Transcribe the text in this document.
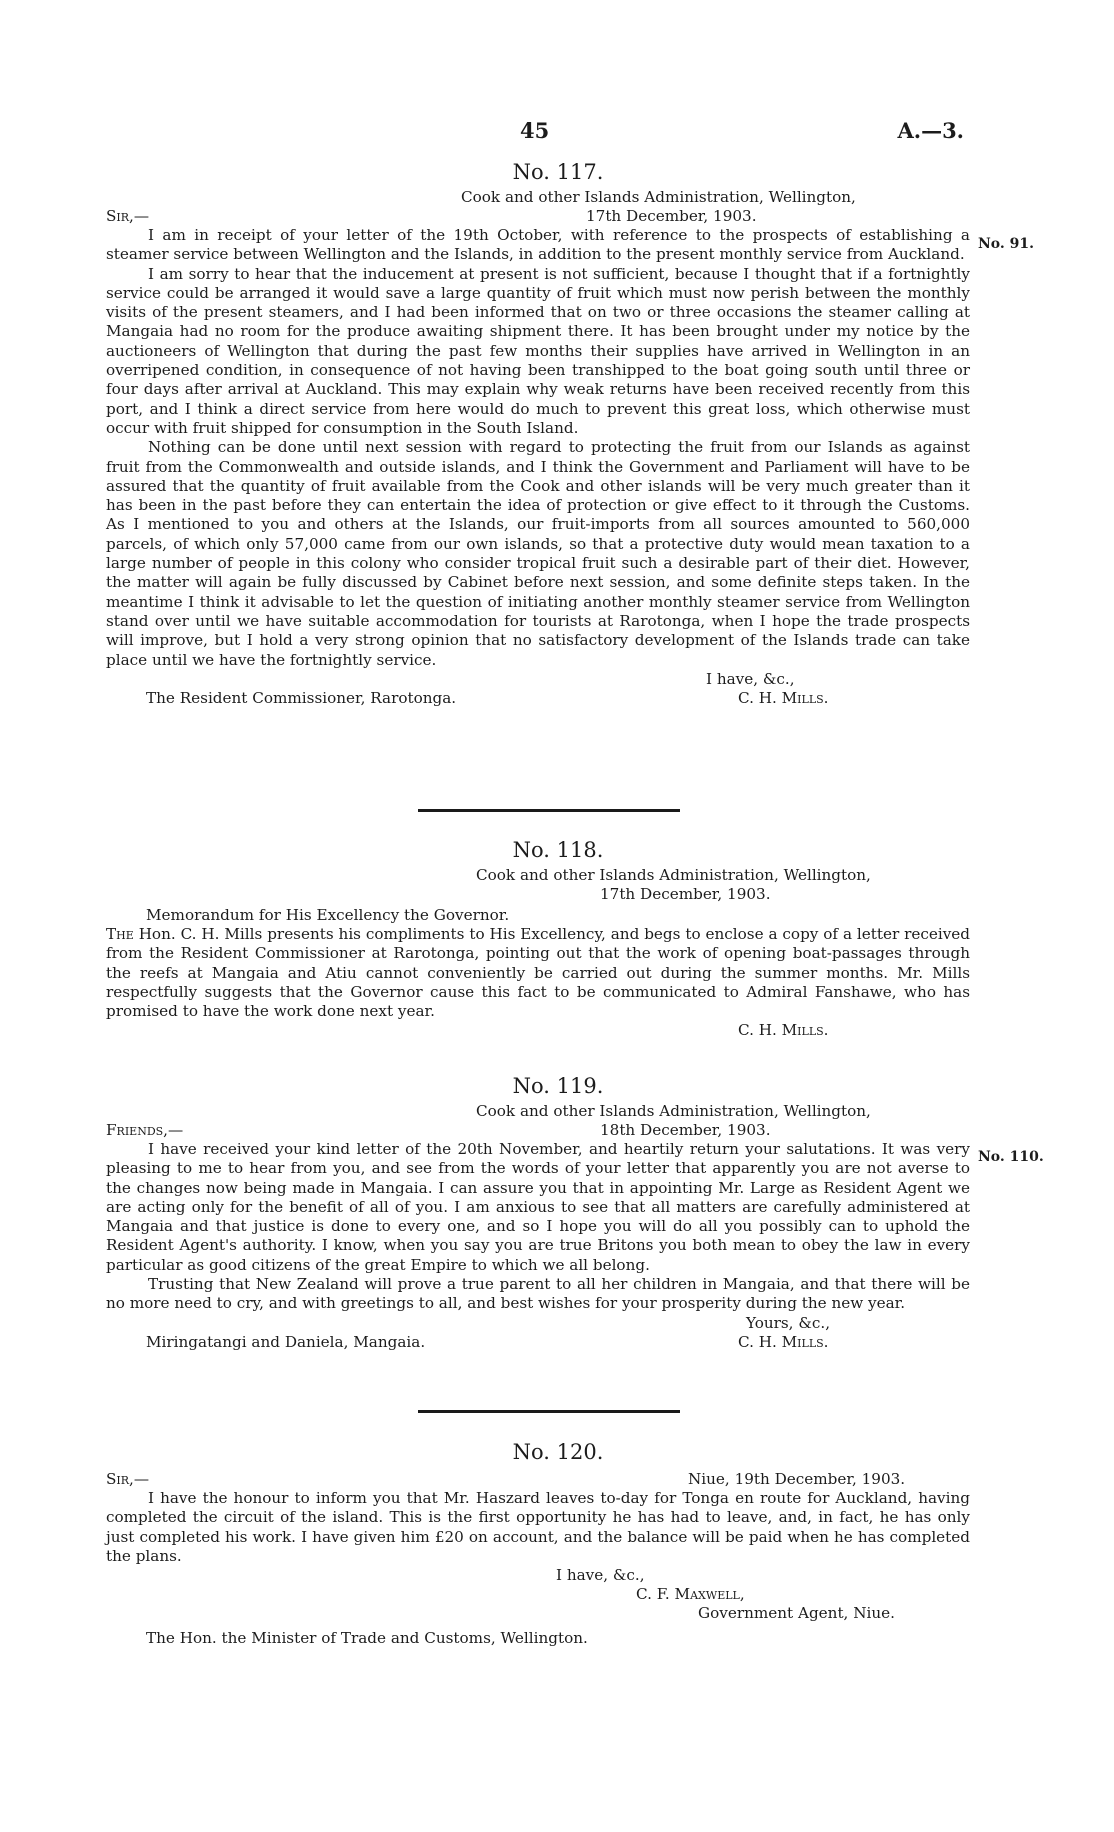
45	A.—3.
No. 117.
Cook and other Islands Administration, Wellington,
Sir,—	17th December, 1903.

I am in receipt of your letter of the 19th October, with reference to the prospects of establishing a steamer service between Wellington and the Islands, in addition to the present monthly service from Auckland.

I am sorry to hear that the inducement at present is not sufficient, because I thought that if a fortnightly service could be arranged it would save a large quantity of fruit which must now perish between the monthly visits of the present steamers, and I had been informed that on two or three occasions the steamer calling at Mangaia had no room for the produce awaiting shipment there. It has been brought under my notice by the auctioneers of Wellington that during the past few months their supplies have arrived in Wellington in an overripened condition, in consequence of not having been transhipped to the boat going south until three or four days after arrival at Auckland. This may explain why weak returns have been received recently from this port, and I think a direct service from here would do much to prevent this great loss, which otherwise must occur with fruit shipped for consumption in the South Island.

Nothing can be done until next session with regard to protecting the fruit from our Islands as against fruit from the Commonwealth and outside islands, and I think the Government and Parliament will have to be assured that the quantity of fruit available from the Cook and other islands will be very much greater than it has been in the past before they can entertain the idea of protection or give effect to it through the Customs. As I mentioned to you and others at the Islands, our fruit-imports from all sources amounted to 560,000 parcels, of which only 57,000 came from our own islands, so that a protective duty would mean taxation to a large number of people in this colony who consider tropical fruit such a desirable part of their diet. However, the matter will again be fully discussed by Cabinet before next session, and some definite steps taken. In the meantime I think it advisable to let the question of initiating another monthly steamer service from Wellington stand over until we have suitable accommodation for tourists at Rarotonga, when I hope the trade prospects will improve, but I hold a very strong opinion that no satisfactory development of the Islands trade can take place until we have the fortnightly service.

I have, &c.,
The Resident Commissioner, Rarotonga.	C. H. Mills.
No. 91.
No. 118.
Cook and other Islands Administration, Wellington,
17th December, 1903.
Memorandum for His Excellency the Governor.

The Hon. C. H. Mills presents his compliments to His Excellency, and begs to enclose a copy of a letter received from the Resident Commissioner at Rarotonga, pointing out that the work of opening boat-passages through the reefs at Mangaia and Atiu cannot conveniently be carried out during the summer months. Mr. Mills respectfully suggests that the Governor cause this fact to be communicated to Admiral Fanshawe, who has promised to have the work done next year.

C. H. Mills.
No. 119.
Cook and other Islands Administration, Wellington,
Friends,—	18th December, 1903.

I have received your kind letter of the 20th November, and heartily return your salutations. It was very pleasing to me to hear from you, and see from the words of your letter that apparently you are not averse to the changes now being made in Mangaia. I can assure you that in appointing Mr. Large as Resident Agent we are acting only for the benefit of all of you. I am anxious to see that all matters are carefully administered at Mangaia and that justice is done to every one, and so I hope you will do all you possibly can to uphold the Resident Agent's authority. I know, when you say you are true Britons you both mean to obey the law in every particular as good citizens of the great Empire to which we all belong.

Trusting that New Zealand will prove a true parent to all her children in Mangaia, and that there will be no more need to cry, and with greetings to all, and best wishes for your prosperity during the new year.

Yours, &c.,
Miringatangi and Daniela, Mangaia.	C. H. Mills.
No. 110.
No. 120.
Sir,—	Niue, 19th December, 1903.

I have the honour to inform you that Mr. Haszard leaves to-day for Tonga en route for Auckland, having completed the circuit of the island. This is the first opportunity he has had to leave, and, in fact, he has only just completed his work. I have given him £20 on account, and the balance will be paid when he has completed the plans.

I have, &c.,
C. F. Maxwell,
Government Agent, Niue.
The Hon. the Minister of Trade and Customs, Wellington.
